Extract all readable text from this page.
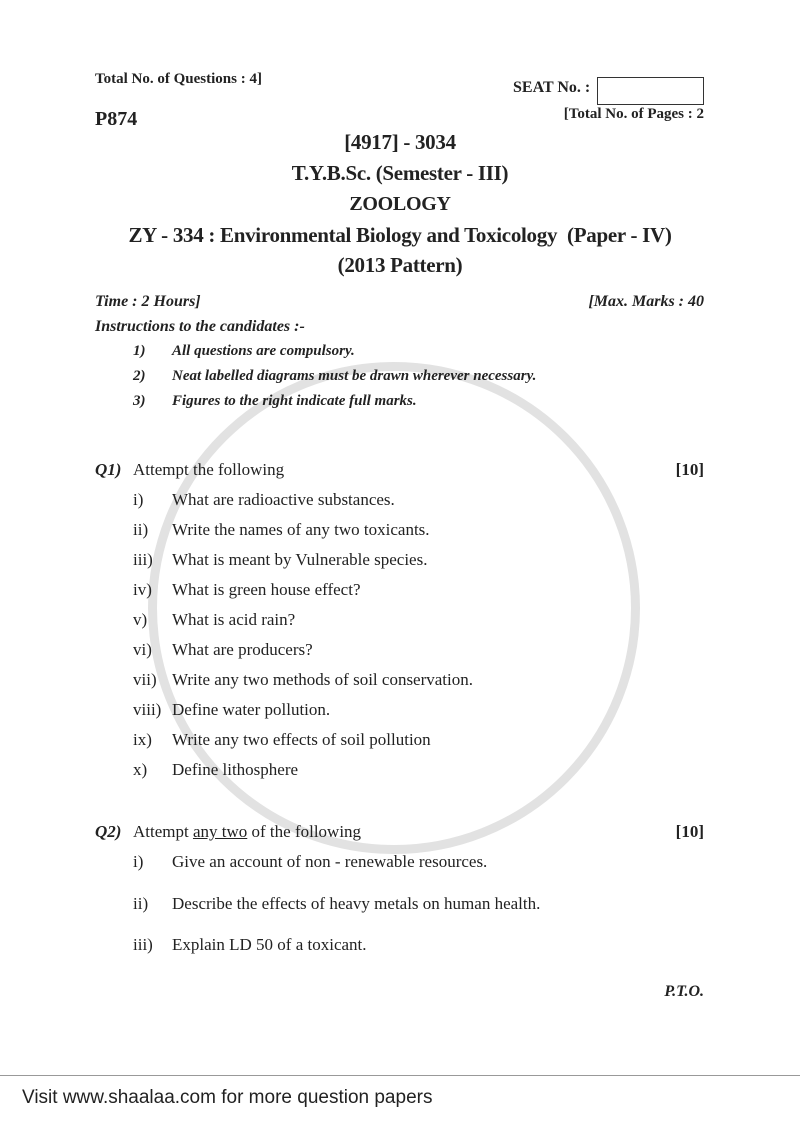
Total No. of Questions : 4]	SEAT No. :
P874	[Total No. of Pages : 2
[4917] - 3034
T.Y.B.Sc. (Semester - III)
ZOOLOGY
ZY - 334 : Environmental Biology and Toxicology  (Paper - IV)
(2013 Pattern)
Time : 2 Hours]	[Max. Marks : 40
Instructions to the candidates :-
1) All questions are compulsory.
2) Neat labelled diagrams must be drawn wherever necessary.
3) Figures to the right indicate full marks.
Q1) Attempt the following	[10]
i) What are radioactive substances.
ii) Write the names of any two toxicants.
iii) What is meant by Vulnerable species.
iv) What is green house effect?
v) What is acid rain?
vi) What are producers?
vii) Write any two methods of soil conservation.
viii) Define water pollution.
ix) Write any two effects of soil pollution
x) Define lithosphere
Q2) Attempt any two of the following	[10]
i) Give an account of non - renewable resources.
ii) Describe the effects of heavy metals on human health.
iii) Explain LD 50 of a toxicant.
P.T.O.
Visit www.shaalaa.com for more question papers
